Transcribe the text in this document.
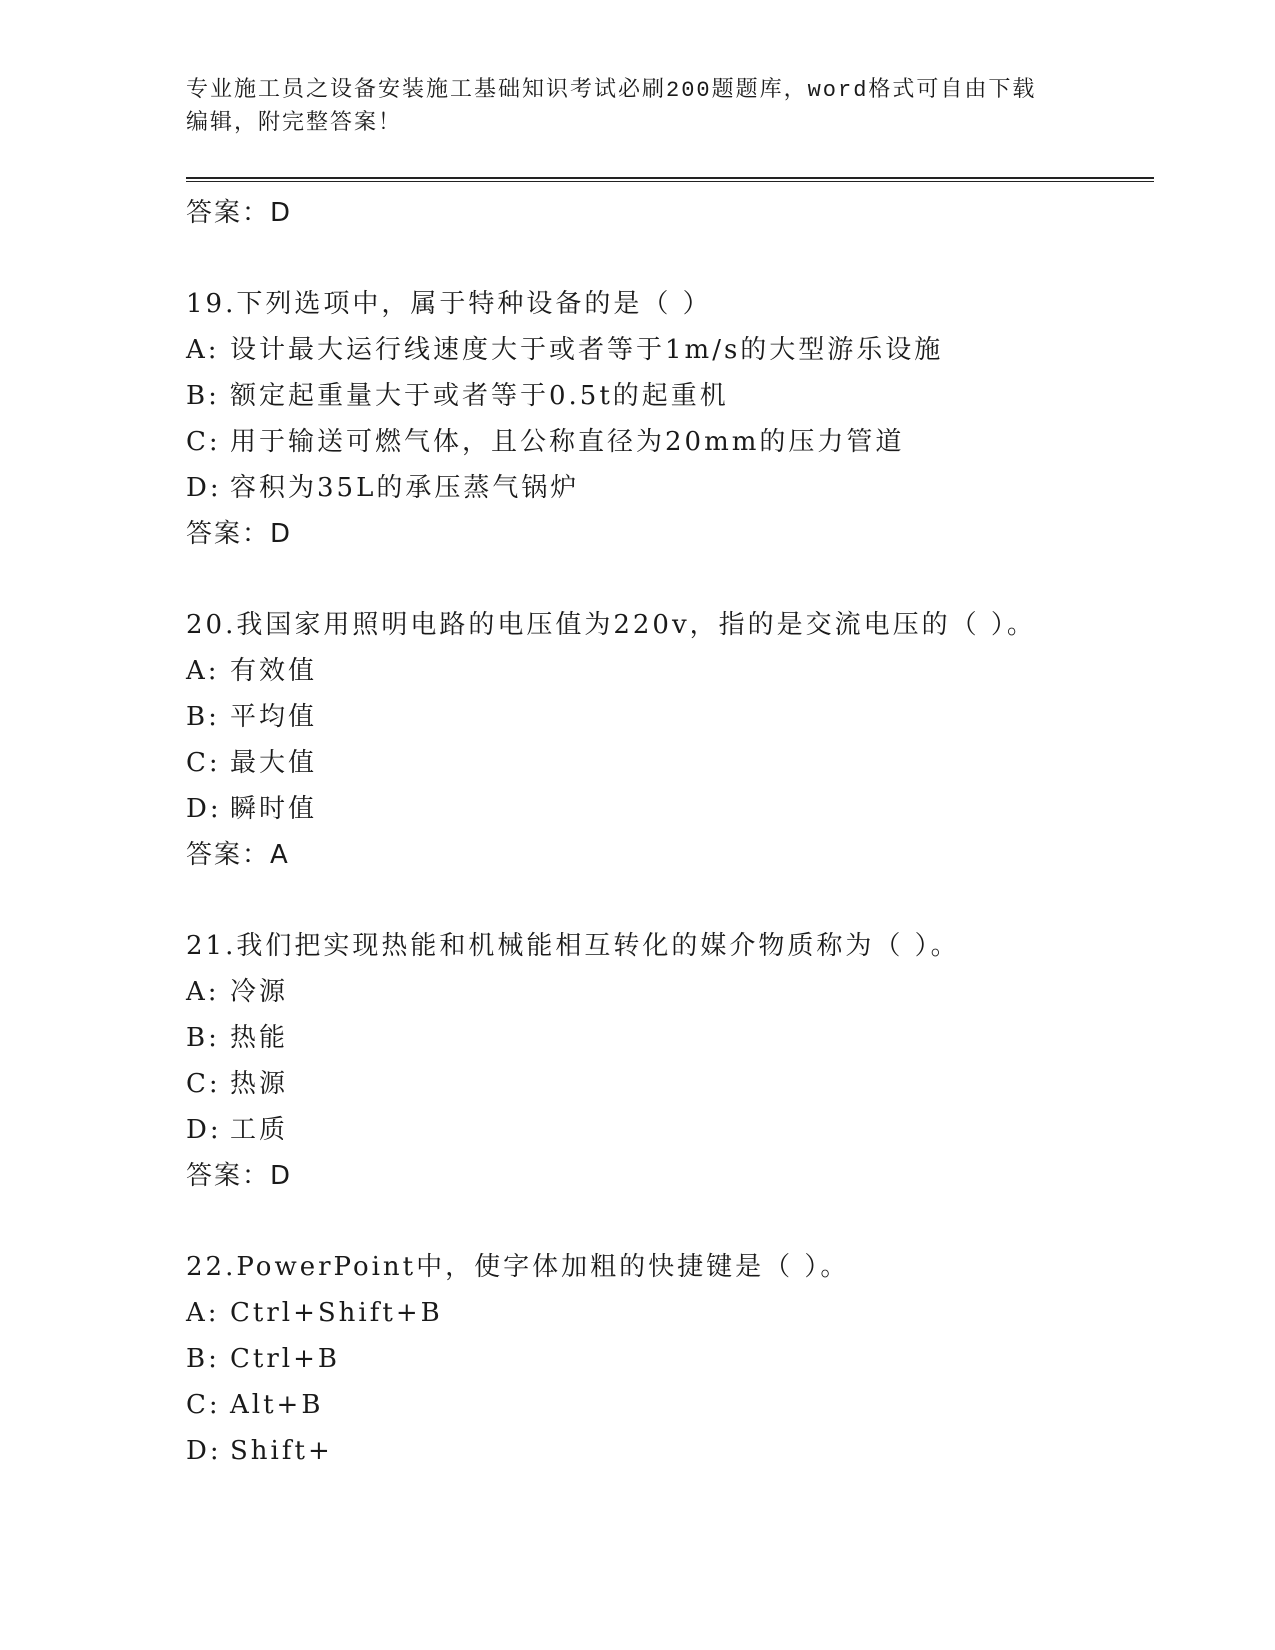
专业施工员之设备安装施工基础知识考试必刷200题题库，word格式可自由下载
编辑，附完整答案！
答案：D
19.下列选项中，属于特种设备的是（ ）
A: 设计最大运行线速度大于或者等于1m/s的大型游乐设施
B: 额定起重量大于或者等于0.5t的起重机
C: 用于输送可燃气体，且公称直径为20mm的压力管道
D: 容积为35L的承压蒸气锅炉
答案：D
20.我国家用照明电路的电压值为220v，指的是交流电压的（ ）。
A: 有效值
B: 平均值
C: 最大值
D: 瞬时值
答案：A
21.我们把实现热能和机械能相互转化的媒介物质称为（ ）。
A: 冷源
B: 热能
C: 热源
D: 工质
答案：D
22.PowerPoint中，使字体加粗的快捷键是（ ）。
A: Ctrl+Shift+B
B: Ctrl+B
C: Alt+B
D: Shift+
